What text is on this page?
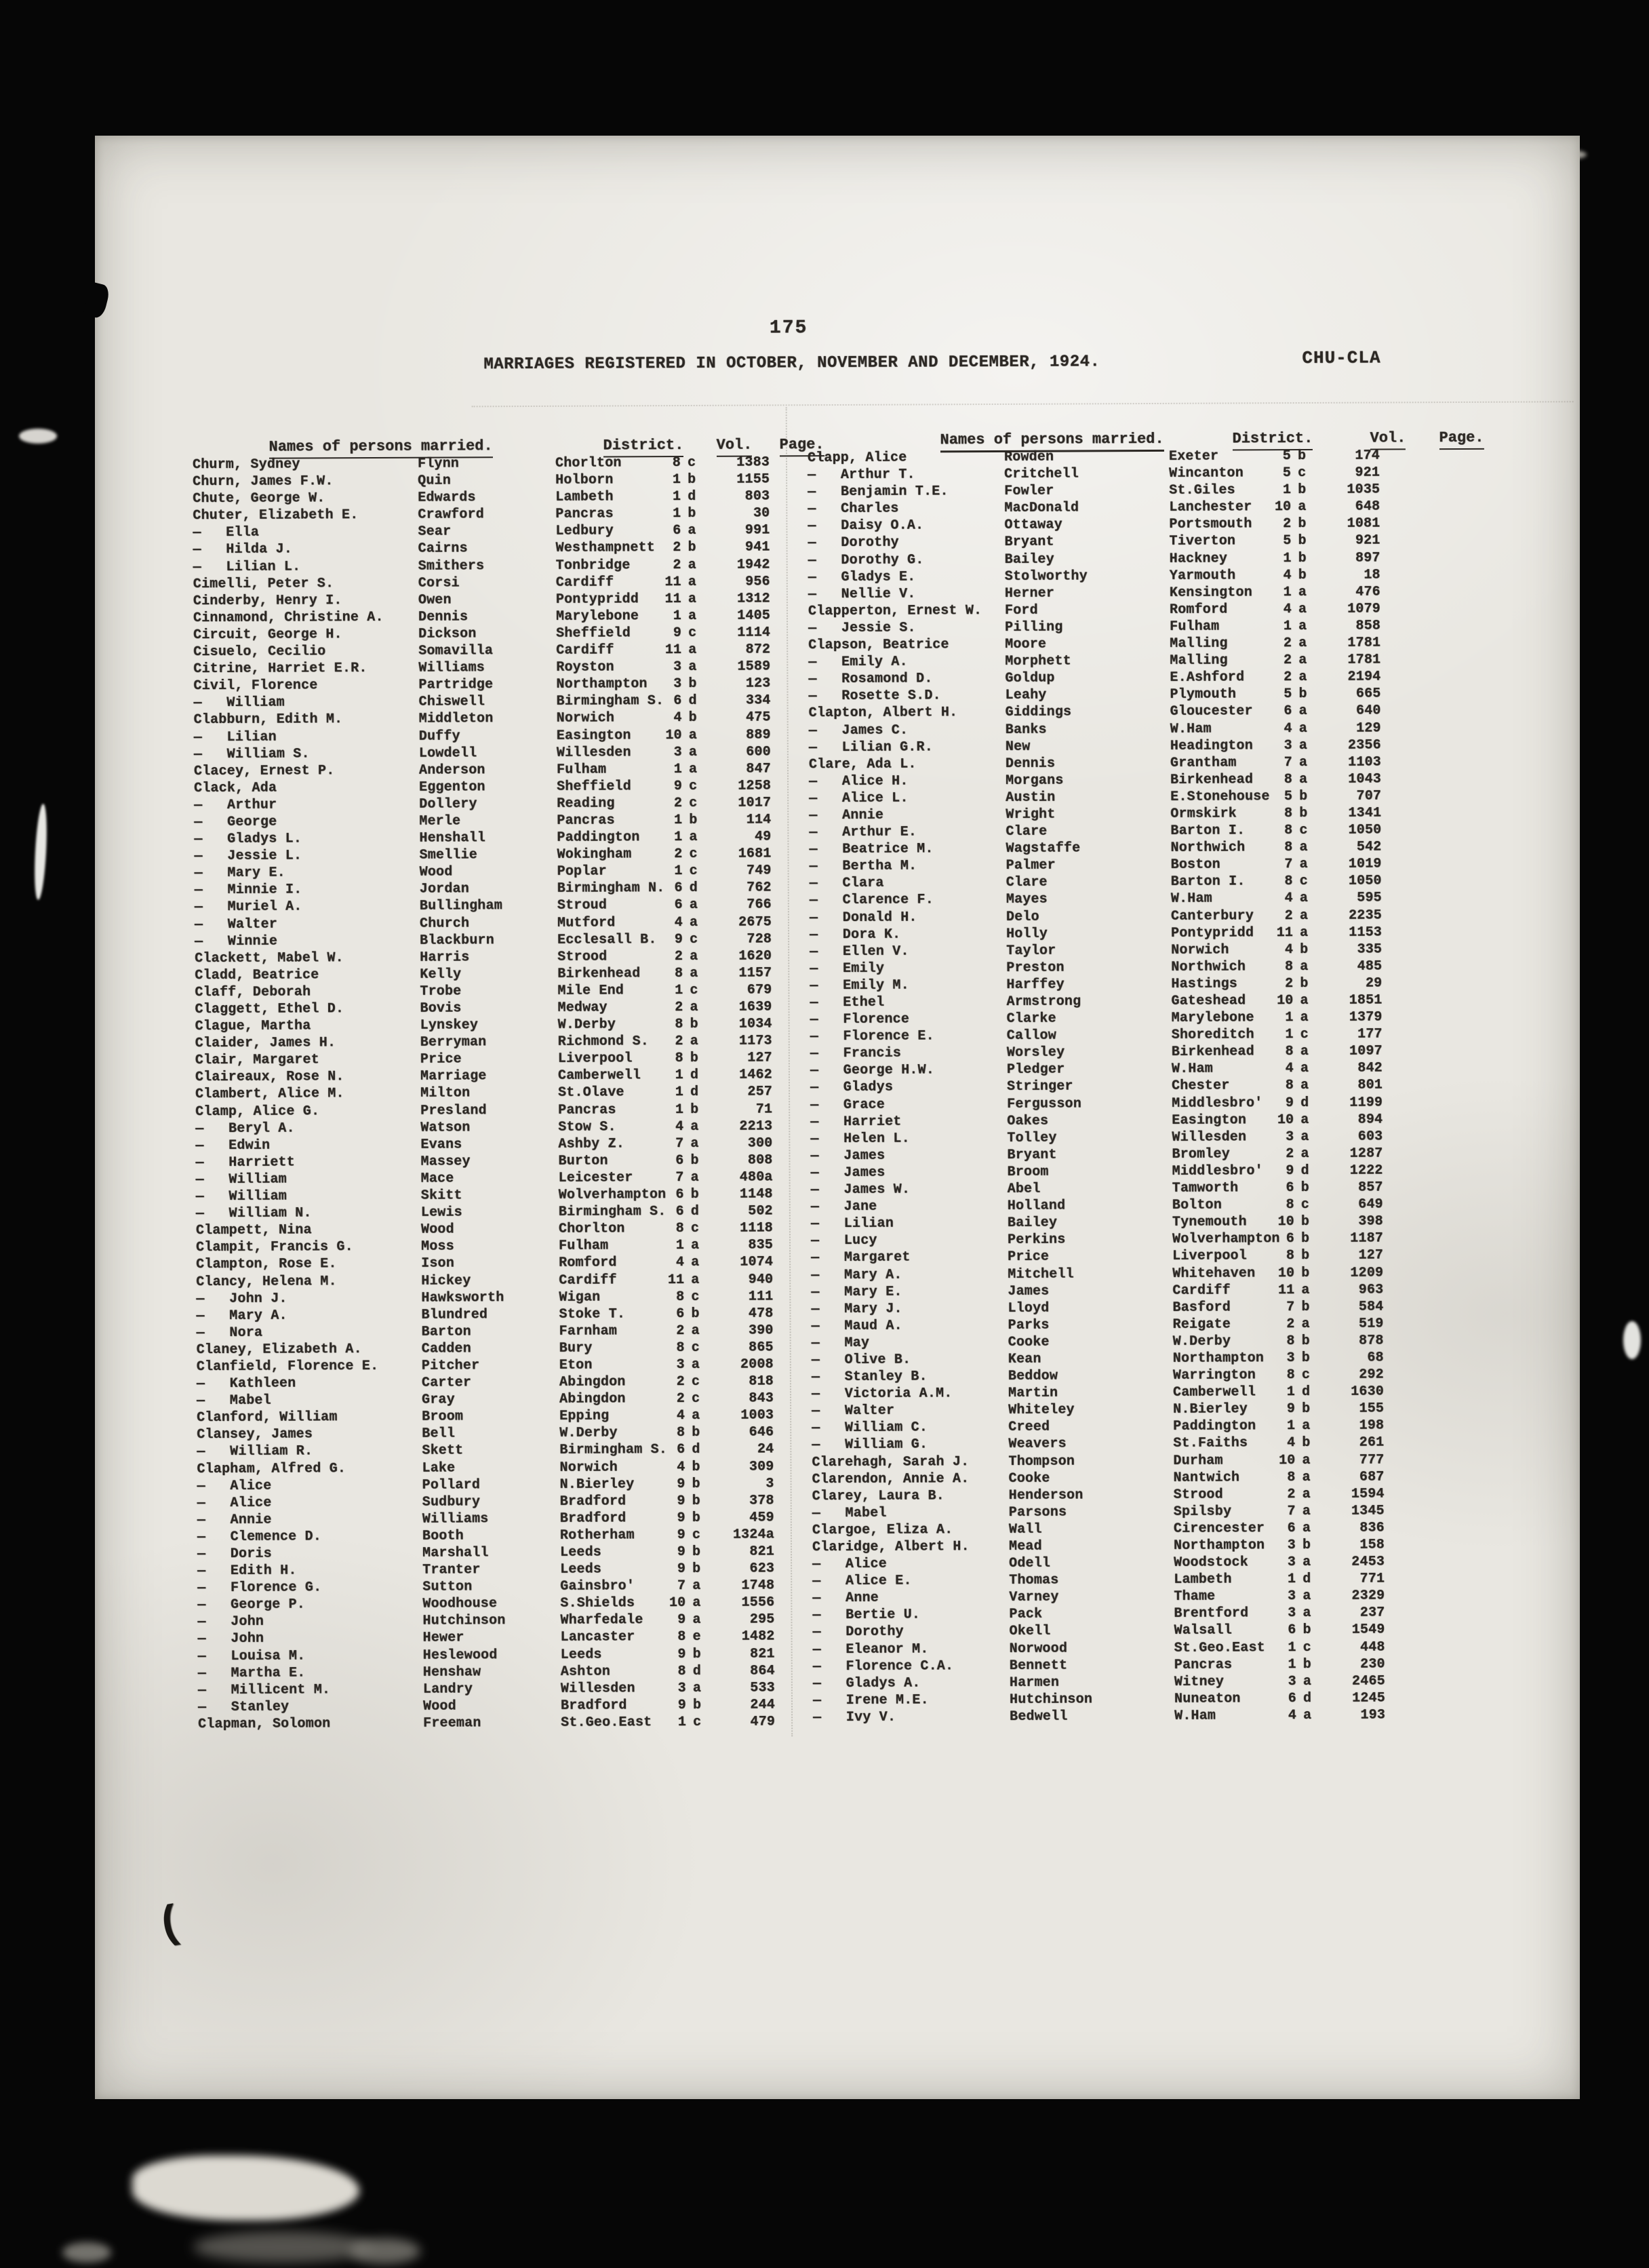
175
MARRIAGES REGISTERED IN OCTOBER, NOVEMBER AND DECEMBER, 1924.	CHU-CLA

Names of persons married.	District.	Vol.	Page.	Names of persons married.	District.	Vol.	Page.
Churm, Sydney	Flynn	Chorlton	8 c	1383
Churn, James F.W.	Quin	Holborn	1 b	1155
Chute, George W.	Edwards	Lambeth	1 d	803
Chuter, Elizabeth E.	Crawford	Pancras	1 b	30
—   Ella	Sear	Ledbury	6 a	991
—   Hilda J.	Cairns	Westhampnett	2 b	941
—   Lilian L.	Smithers	Tonbridge	2 a	1942
Cimelli, Peter S.	Corsi	Cardiff	11 a	956
Cinderby, Henry I.	Owen	Pontypridd	11 a	1312
Cinnamond, Christine A.	Dennis	Marylebone	1 a	1405
Circuit, George H.	Dickson	Sheffield	9 c	1114
Cisuelo, Cecilio	Somavilla	Cardiff	11 a	872
Citrine, Harriet E.R.	Williams	Royston	3 a	1589
Civil, Florence	Partridge	Northampton	3 b	123
—   William	Chiswell	Birmingham S. 6 d	334
Clabburn, Edith M.	Middleton	Norwich	4 b	475
—   Lilian	Duffy	Easington	10 a	889
—   William S.	Lowdell	Willesden	3 a	600
Clacey, Ernest P.	Anderson	Fulham	1 a	847
Clack, Ada	Eggenton	Sheffield	9 c	1258
—   Arthur	Dollery	Reading	2 c	1017
—   George	Merle	Pancras	1 b	114
—   Gladys L.	Henshall	Paddington	1 a	49
—   Jessie L.	Smellie	Wokingham	2 c	1681
—   Mary E.	Wood	Poplar	1 c	749
—   Minnie I.	Jordan	Birmingham N. 6 d	762
—   Muriel A.	Bullingham	Stroud	6 a	766
—   Walter	Church	Mutford	4 a	2675
—   Winnie	Blackburn	Ecclesall B.	9 c	728
Clackett, Mabel W.	Harris	Strood	2 a	1620
Cladd, Beatrice	Kelly	Birkenhead	8 a	1157
Claff, Deborah	Trobe	Mile End	1 c	679
Claggett, Ethel D.	Bovis	Medway	2 a	1639
Clague, Martha	Lynskey	W.Derby	8 b	1034
Claider, James H.	Berryman	Richmond S.	2 a	1173
Clair, Margaret	Price	Liverpool	8 b	127
Claireaux, Rose N.	Marriage	Camberwell	1 d	1462
Clambert, Alice M.	Milton	St.Olave	1 d	257
Clamp, Alice G.	Presland	Pancras	1 b	71
—   Beryl A.	Watson	Stow S.	4 a	2213
—   Edwin	Evans	Ashby Z.	7 a	300
—   Harriett	Massey	Burton	6 b	808
—   William	Mace	Leicester	7 a	480a
—   William	Skitt	Wolverhampton 6 b	1148
—   William N.	Lewis	Birmingham S. 6 d	502
Clampett, Nina	Wood	Chorlton	8 c	1118
Clampit, Francis G.	Moss	Fulham	1 a	835
Clampton, Rose E.	Ison	Romford	4 a	1074
Clancy, Helena M.	Hickey	Cardiff	11 a	940
—   John J.	Hawksworth	Wigan	8 c	111
—   Mary A.	Blundred	Stoke T.	6 b	478
—   Nora	Barton	Farnham	2 a	390
Claney, Elizabeth A.	Cadden	Bury	8 c	865
Clanfield, Florence E.	Pitcher	Eton	3 a	2008
—   Kathleen	Carter	Abingdon	2 c	818
—   Mabel	Gray	Abingdon	2 c	843
Clanford, William	Broom	Epping	4 a	1003
Clansey, James	Bell	W.Derby	8 b	646
—   William R.	Skett	Birmingham S. 6 d	24
Clapham, Alfred G.	Lake	Norwich	4 b	309
—   Alice	Pollard	N.Bierley	9 b	3
—   Alice	Sudbury	Bradford	9 b	378
—   Annie	Williams	Bradford	9 b	459
—   Clemence D.	Booth	Rotherham	9 c	1324a
—   Doris	Marshall	Leeds	9 b	821
—   Edith H.	Tranter	Leeds	9 b	623
—   Florence G.	Sutton	Gainsbro'	7 a	1748
—   George P.	Woodhouse	S.Shields	10 a	1556
—   John	Hutchinson	Wharfedale	9 a	295
—   John	Hewer	Lancaster	8 e	1482
—   Louisa M.	Heslewood	Leeds	9 b	821
—   Martha E.	Henshaw	Ashton	8 d	864
—   Millicent M.	Landry	Willesden	3 a	533
—   Stanley	Wood	Bradford	9 b	244
Clapman, Solomon	Freeman	St.Geo.East	1 c	479
Clapp, Alice	Rowden	Exeter	5 b	174
—   Arthur T.	Critchell	Wincanton	5 c	921
—   Benjamin T.E.	Fowler	St.Giles	1 b	1035
—   Charles	MacDonald	Lanchester	10 a	648
—   Daisy O.A.	Ottaway	Portsmouth	2 b	1081
—   Dorothy	Bryant	Tiverton	5 b	921
—   Dorothy G.	Bailey	Hackney	1 b	897
—   Gladys E.	Stolworthy	Yarmouth	4 b	18
—   Nellie V.	Herner	Kensington	1 a	476
Clapperton, Ernest W.	Ford	Romford	4 a	1079
—   Jessie S.	Pilling	Fulham	1 a	858
Clapson, Beatrice	Moore	Malling	2 a	1781
—   Emily A.	Morphett	Malling	2 a	1781
—   Rosamond D.	Goldup	E.Ashford	2 a	2194
—   Rosette S.D.	Leahy	Plymouth	5 b	665
Clapton, Albert H.	Giddings	Gloucester	6 a	640
—   James C.	Banks	W.Ham	4 a	129
—   Lilian G.R.	New	Headington	3 a	2356
Clare, Ada L.	Dennis	Grantham	7 a	1103
—   Alice H.	Morgans	Birkenhead	8 a	1043
—   Alice L.	Austin	E.Stonehouse	5 b	707
—   Annie	Wright	Ormskirk	8 b	1341
—   Arthur E.	Clare	Barton I.	8 c	1050
—   Beatrice M.	Wagstaffe	Northwich	8 a	542
—   Bertha M.	Palmer	Boston	7 a	1019
—   Clara	Clare	Barton I.	8 c	1050
—   Clarence F.	Mayes	W.Ham	4 a	595
—   Donald H.	Delo	Canterbury	2 a	2235
—   Dora K.	Holly	Pontypridd	11 a	1153
—   Ellen V.	Taylor	Norwich	4 b	335
—   Emily	Preston	Northwich	8 a	485
—   Emily M.	Harffey	Hastings	2 b	29
—   Ethel	Armstrong	Gateshead	10 a	1851
—   Florence	Clarke	Marylebone	1 a	1379
—   Florence E.	Callow	Shoreditch	1 c	177
—   Francis	Worsley	Birkenhead	8 a	1097
—   George H.W.	Pledger	W.Ham	4 a	842
—   Gladys	Stringer	Chester	8 a	801
—   Grace	Fergusson	Middlesbro'	9 d	1199
—   Harriet	Oakes	Easington	10 a	894
—   Helen L.	Tolley	Willesden	3 a	603
—   James	Bryant	Bromley	2 a	1287
—   James	Broom	Middlesbro'	9 d	1222
—   James W.	Abel	Tamworth	6 b	857
—   Jane	Holland	Bolton	8 c	649
—   Lilian	Bailey	Tynemouth	10 b	398
—   Lucy	Perkins	Wolverhampton 6 b	1187
—   Margaret	Price	Liverpool	8 b	127
—   Mary A.	Mitchell	Whitehaven	10 b	1209
—   Mary E.	James	Cardiff	11 a	963
—   Mary J.	Lloyd	Basford	7 b	584
—   Maud A.	Parks	Reigate	2 a	519
—   May	Cooke	W.Derby	8 b	878
—   Olive B.	Kean	Northampton	3 b	68
—   Stanley B.	Beddow	Warrington	8 c	292
—   Victoria A.M.	Martin	Camberwell	1 d	1630
—   Walter	Whiteley	N.Bierley	9 b	155
—   William C.	Creed	Paddington	1 a	198
—   William G.	Weavers	St.Faiths	4 b	261
Clarehagh, Sarah J.	Thompson	Durham	10 a	777
Clarendon, Annie A.	Cooke	Nantwich	8 a	687
Clarey, Laura B.	Henderson	Strood	2 a	1594
—   Mabel	Parsons	Spilsby	7 a	1345
Clargoe, Eliza A.	Wall	Cirencester	6 a	836
Claridge, Albert H.	Mead	Northampton	3 b	158
—   Alice	Odell	Woodstock	3 a	2453
—   Alice E.	Thomas	Lambeth	1 d	771
—   Anne	Varney	Thame	3 a	2329
—   Bertie U.	Pack	Brentford	3 a	237
—   Dorothy	Okell	Walsall	6 b	1549
—   Eleanor M.	Norwood	St.Geo.East	1 c	448
—   Florence C.A.	Bennett	Pancras	1 b	230
—   Gladys A.	Harmen	Witney	3 a	2465
—   Irene M.E.	Hutchinson	Nuneaton	6 d	1245
—   Ivy V.	Bedwell	W.Ham	4 a	193
(
